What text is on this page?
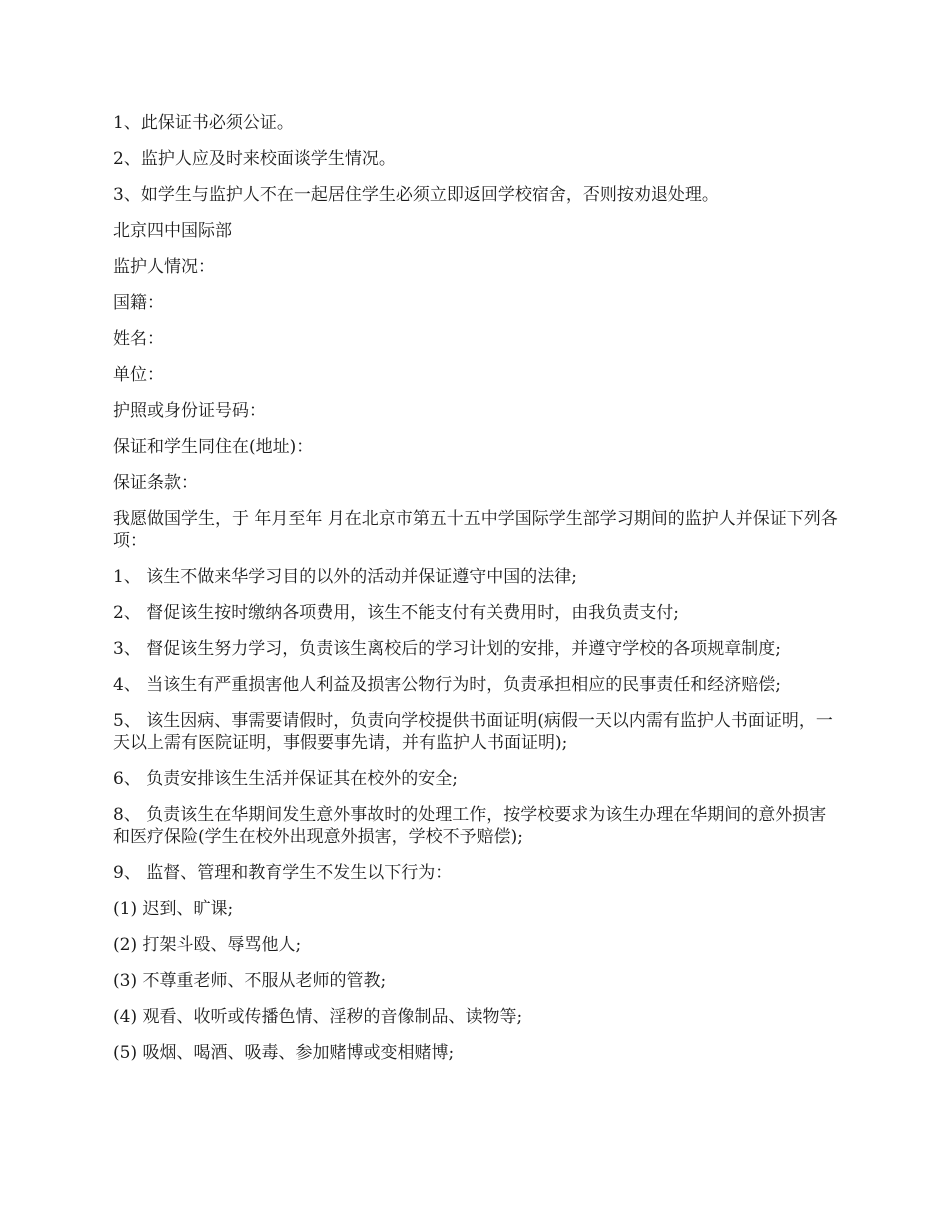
1、此保证书必须公证。

2、监护人应及时来校面谈学生情况。

3、如学生与监护人不在一起居住学生必须立即返回学校宿舍，否则按劝退处理。

北京四中国际部

监护人情况：

国籍：

姓名：

单位：

护照或身份证号码：

保证和学生同住在(地址)：

保证条款：

我愿做国学生，于 年月至年 月在北京市第五十五中学国际学生部学习期间的监护人并保证下列各项：

1、 该生不做来华学习目的以外的活动并保证遵守中国的法律;

2、 督促该生按时缴纳各项费用，该生不能支付有关费用时，由我负责支付;

3、 督促该生努力学习，负责该生离校后的学习计划的安排，并遵守学校的各项规章制度;

4、 当该生有严重损害他人利益及损害公物行为时，负责承担相应的民事责任和经济赔偿;

5、 该生因病、事需要请假时，负责向学校提供书面证明(病假一天以内需有监护人书面证明，一天以上需有医院证明，事假要事先请，并有监护人书面证明);

6、 负责安排该生生活并保证其在校外的安全;

8、 负责该生在华期间发生意外事故时的处理工作，按学校要求为该生办理在华期间的意外损害和医疗保险(学生在校外出现意外损害，学校不予赔偿);

9、 监督、管理和教育学生不发生以下行为：

(1) 迟到、旷课;

(2) 打架斗殴、辱骂他人;

(3) 不尊重老师、不服从老师的管教;

(4) 观看、收听或传播色情、淫秽的音像制品、读物等;

(5) 吸烟、喝酒、吸毒、参加赌博或变相赌博;
